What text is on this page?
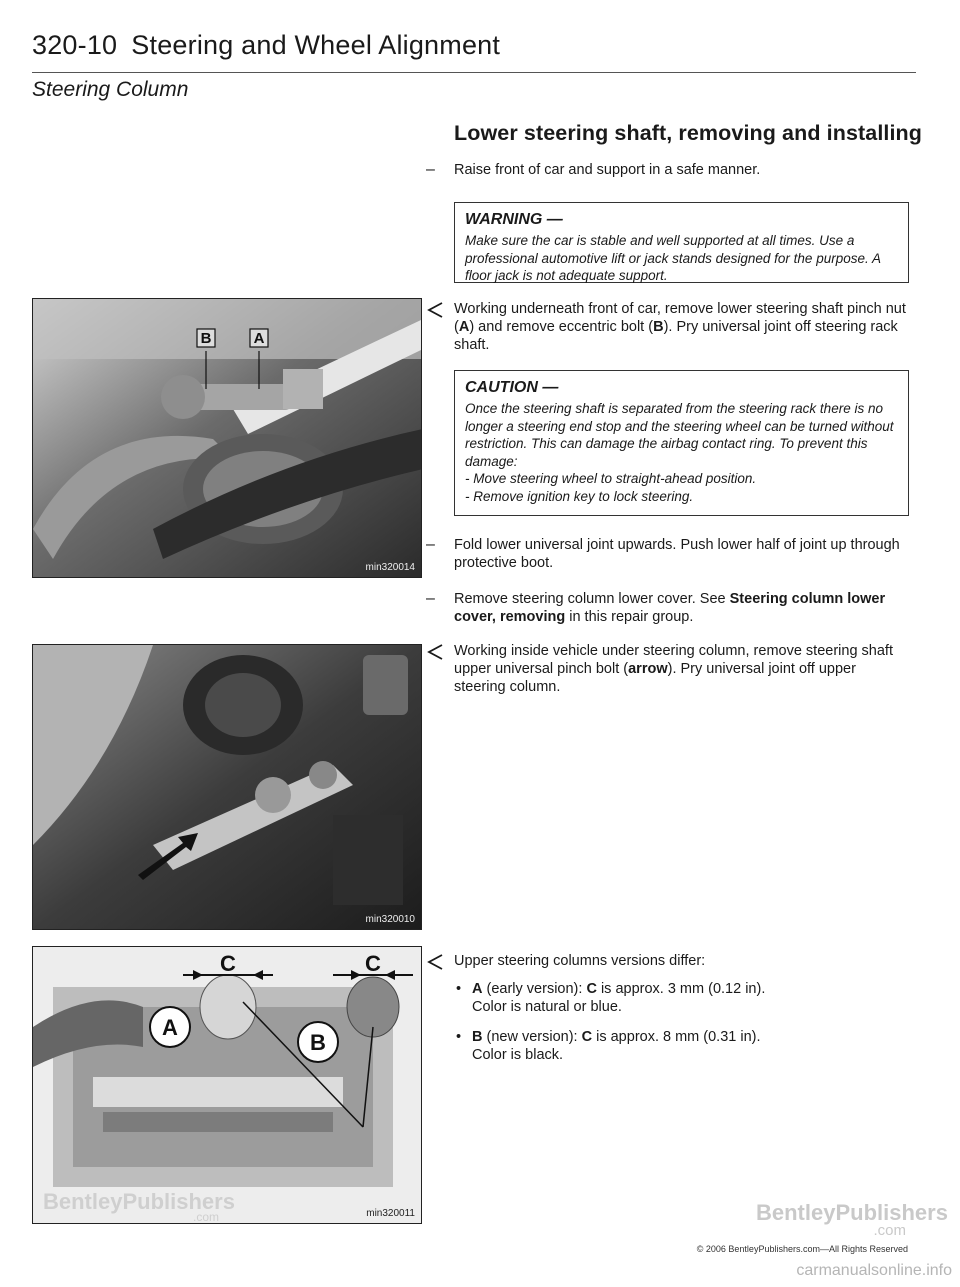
320-10 Steering and Wheel Alignment
Steering Column
Lower steering shaft, removing and installing
–	Raise front of car and support in a safe manner.
WARNING —
Make sure the car is stable and well supported at all times. Use a professional automotive lift or jack stands designed for the purpose. A floor jack is not adequate support.
Working underneath front of car, remove lower steering shaft pinch nut (A) and remove eccentric bolt (B). Pry universal joint off steering rack shaft.
CAUTION —
Once the steering shaft is separated from the steering rack there is no longer a steering end stop and the steering wheel can be turned without restriction. This can damage the airbag contact ring. To prevent this damage:
- Move steering wheel to straight-ahead position.
- Remove ignition key to lock steering.
–	Fold lower universal joint upwards. Push lower half of joint up through protective boot.
–	Remove steering column lower cover. See Steering column lower cover, removing in this repair group.
Working inside vehicle under steering column, remove steering shaft upper universal pinch bolt (arrow). Pry universal joint off upper steering column.
Upper steering columns versions differ:
• A (early version): C is approx. 3 mm (0.12 in). Color is natural or blue.
• B (new version): C is approx. 8 mm (0.31 in). Color is black.
B	A
min320014
min320010
C	C
A
B
BentleyPublishers
.com	min320011	BentleyPublishers
.com
© 2006 BentleyPublishers.com—All Rights Reserved
carmanualsonline.info
